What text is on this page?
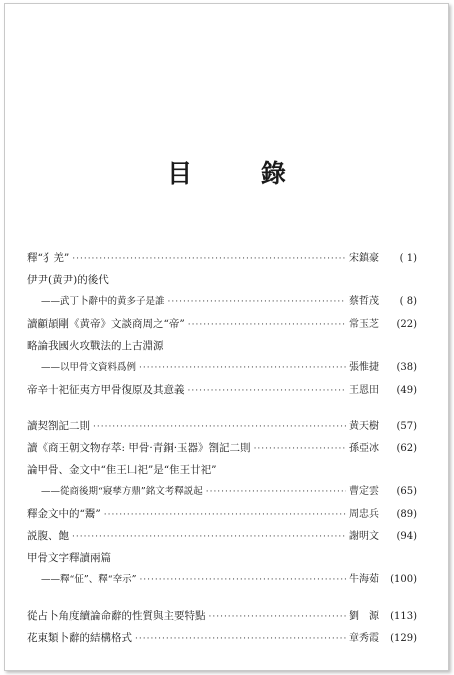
目 錄
釋“犭羌” ·····	宋鎮豪	( 1)
伊尹(黄尹)的後代
——武丁卜辭中的黄多子是誰 ·····	蔡哲茂	( 8)
讀顧頡剛《黄帝》文談商周之“帝” ·····	常玉芝	(22)
略論我國火攻戰法的上古淵源
——以甲骨文資料爲例 ·····	張惟捷	(38)
帝辛十祀征夷方甲骨復原及其意義 ·····	王恩田	(49)
讀契劄記二則 ·····	黄天樹	(57)
讀《商王朝文物存萃: 甲骨·青銅·玉器》劄記二則 ·····	孫亞冰	(62)
論甲骨、金文中“隹王凵祀”是“隹王廿祀”
——從商後期“寢孳方鼎”銘文考釋説起 ·····	曹定雲	(65)
釋金文中的“鬻” ·····	周忠兵	(89)
説腹、飽 ·····	謝明文	(94)
甲骨文字釋讀兩篇
——釋“佂”、釋“㚔示” ·····	牛海茹	(100)
從占卜角度續論命辭的性質與主要特點 ·····	劉　源	(113)
花東類卜辭的結構格式 ·····	章秀霞	(129)
